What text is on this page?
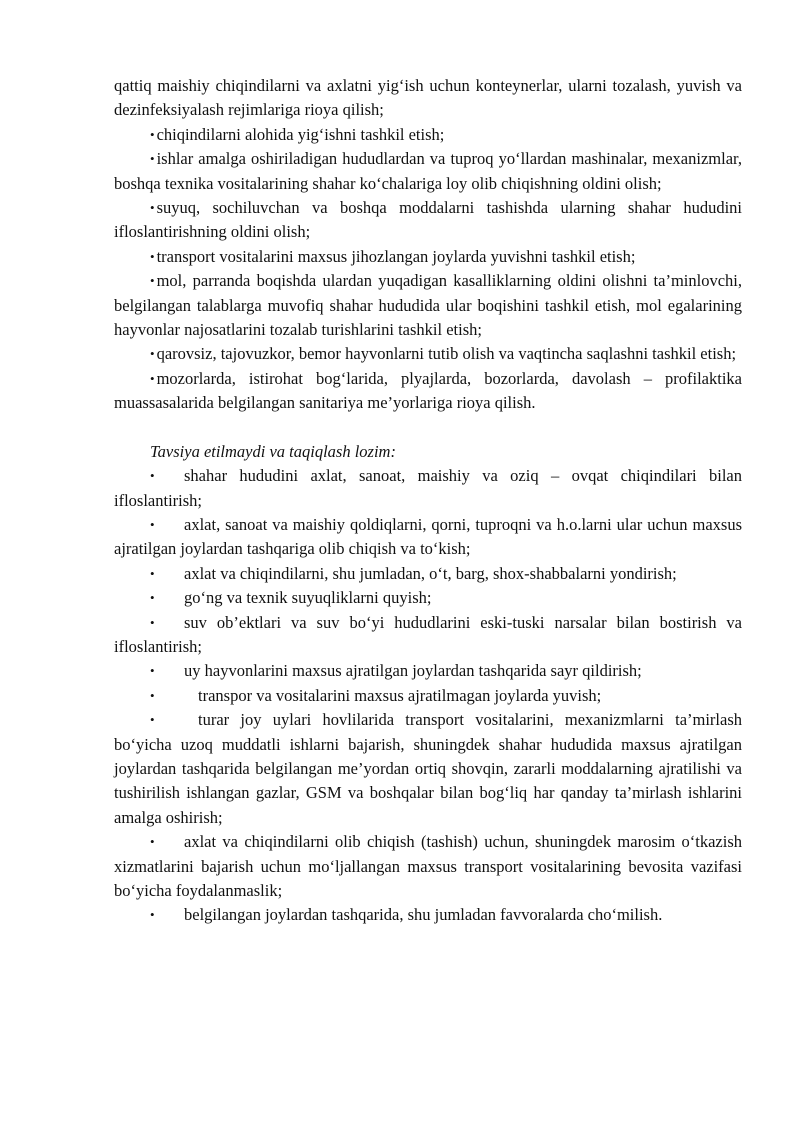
qattiq maishiy chiqindilarni va axlatni yig‘ish uchun konteynerlar, ularni tozalash, yuvish va dezinfeksiyalash rejimlariga rioya qilish;

• chiqindilarni alohida yig‘ishni tashkil etish;

• ishlar amalga oshiriladigan hududlardan va tuproq yo‘llardan mashinalar, mexanizmlar, boshqa texnika vositalarining shahar ko‘chalariga loy olib chiqishning oldini olish;

• suyuq, sochiluvchan va boshqa moddalarni tashishda ularning shahar hududini ifloslantirishning oldini olish;

• transport vositalarini maxsus jihozlangan joylarda yuvishni tashkil etish;

• mol, parranda boqishda ulardan yuqadigan kasalliklarning oldini olishni ta’minlovchi, belgilangan talablarga muvofiq shahar hududida ular boqishini tashkil etish, mol egalarining hayvonlar najosatlarini tozalab turishlarini tashkil etish;

• qarovsiz, tajovuzkor, bemor hayvonlarni tutib olish va vaqtincha saqlashni tashkil etish;

• mozorlarda, istirohat bog‘larida, plyajlarda, bozorlarda, davolash – profilaktika muassasalarida belgilangan sanitariya me’yorlariga rioya qilish.

Tavsiya etilmaydi va taqiqlash lozim:

• shahar hududini axlat, sanoat, maishiy va oziq – ovqat chiqindilari bilan ifloslantirish;

• axlat, sanoat va maishiy qoldiqlarni, qorni, tuproqni va h.o.larni ular uchun maxsus ajratilgan joylardan tashqariga olib chiqish va to‘kish;

• axlat va chiqindilarni, shu jumladan, o‘t, barg, shox-shabbalarni yondirish;

• go‘ng va texnik suyuqliklarni quyish;

• suv ob’ektlari va suv bo‘yi hududlarini eski-tuski narsalar bilan bostirish va ifloslantirish;

• uy hayvonlarini maxsus ajratilgan joylardan tashqarida sayr qildirish;

•	transpor va vositalarini maxsus ajratilmagan joylarda yuvish;

•	turar joy uylari hovlilarida transport vositalarini, mexanizmlarni ta’mirlash bo‘yicha uzoq muddatli ishlarni bajarish, shuningdek shahar hududida maxsus ajratilgan joylardan tashqarida belgilangan me’yordan ortiq shovqin, zararli moddalarning ajratilishi va tushirilish ishlangan gazlar, GSM va boshqalar bilan bog‘liq har qanday ta’mirlash ishlarini amalga oshirish;

• axlat va chiqindilarni olib chiqish (tashish) uchun, shuningdek marosim o‘tkazish xizmatlarini bajarish uchun mo‘ljallangan maxsus transport vositalarining bevosita vazifasi bo‘yicha foydalanmaslik;

• belgilangan joylardan tashqarida, shu jumladan favvoralarda cho‘milish.
